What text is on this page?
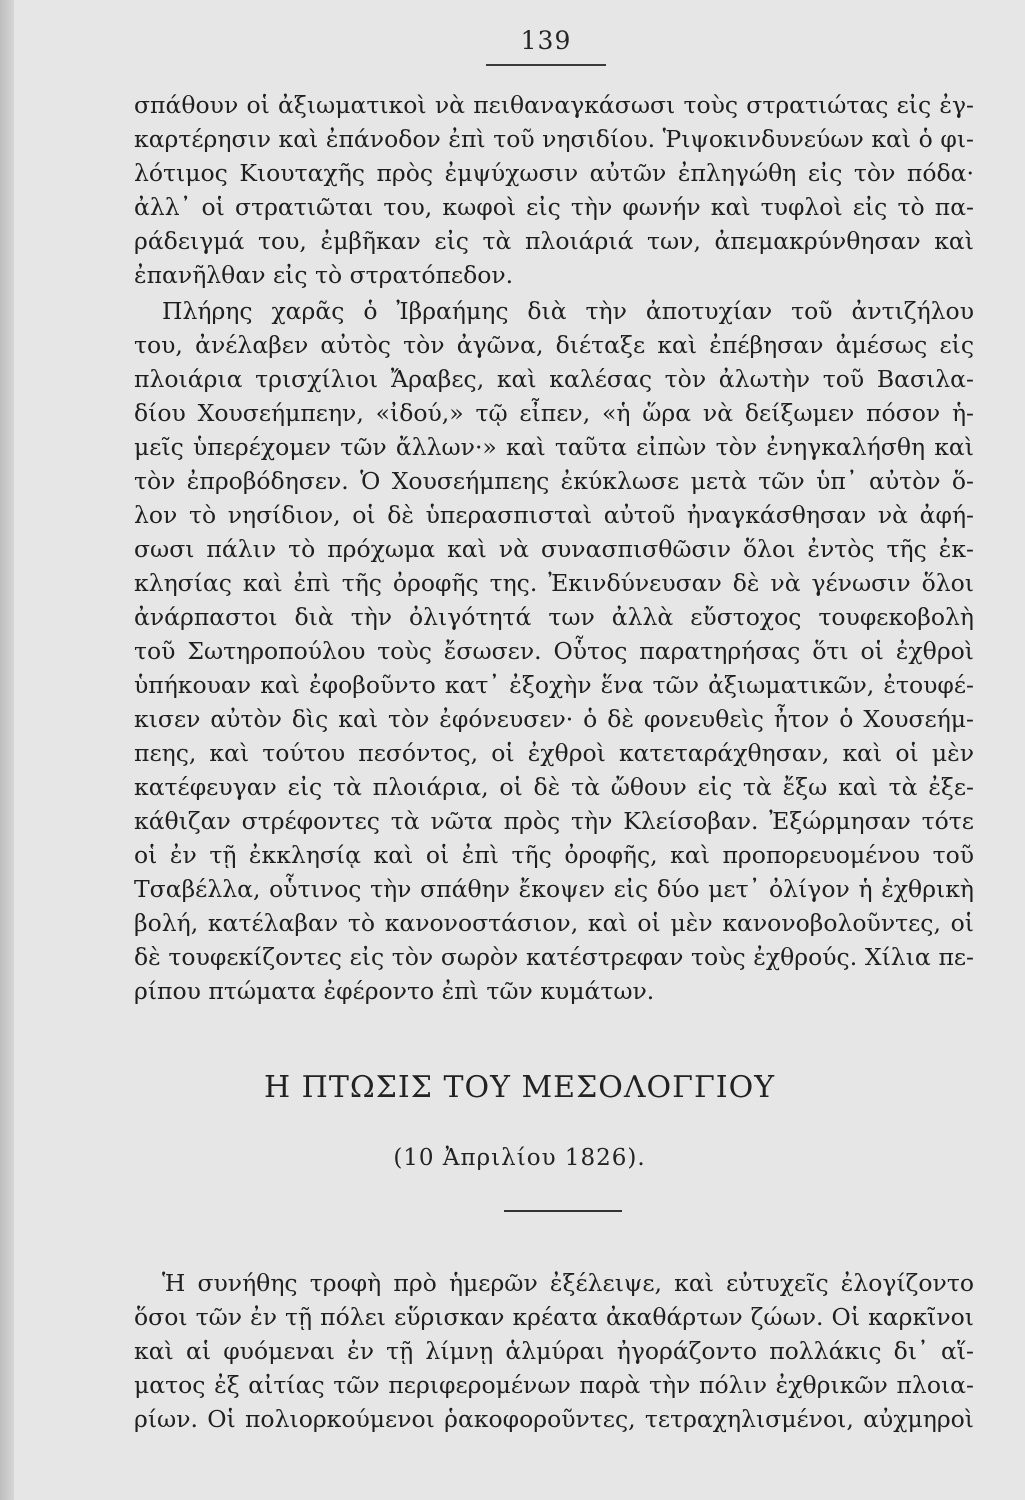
139
σπάθουν οἱ ἀξιωματικοὶ νὰ πειθαναγκάσωσι τοὺς στρατιώτας εἰς ἐγ-
καρτέρησιν καὶ ἐπάνοδον ἐπὶ τοῦ νησιδίου. Ῥιψοκινδυνεύων καὶ ὁ φι-
λότιμος Κιουταχῆς πρὸς ἐμψύχωσιν αὐτῶν ἐπληγώθη εἰς τὸν πόδα·
ἀλλ᾽ οἱ στρατιῶται του, κωφοὶ εἰς τὴν φωνήν καὶ τυφλοὶ εἰς τὸ πα-
ράδειγμά του, ἐμβῆκαν εἰς τὰ πλοιάριά των, ἀπεμακρύνθησαν καὶ
ἐπανῆλθαν εἰς τὸ στρατόπεδον.
Πλήρης χαρᾶς ὁ Ἰβραήμης διὰ τὴν ἀποτυχίαν τοῦ ἀντιζήλου
του, ἀνέλαβεν αὐτὸς τὸν ἀγῶνα, διέταξε καὶ ἐπέβησαν ἀμέσως εἰς
πλοιάρια τρισχίλιοι Ἄραβες, καὶ καλέσας τὸν ἀλωτὴν τοῦ Βασιλα-
δίου Χουσεήμπεην, «ἰδού,» τῷ εἶπεν, «ἡ ὥρα νὰ δείξωμεν πόσον ἡ-
μεῖς ὑπερέχομεν τῶν ἄλλων·» καὶ ταῦτα εἰπὼν τὸν ἐνηγκαλήσθη καὶ
τὸν ἐπροβόδησεν. Ὁ Χουσεήμπεης ἐκύκλωσε μετὰ τῶν ὑπ᾽ αὐτὸν ὅ-
λον τὸ νησίδιον, οἱ δὲ ὑπερασπισταὶ αὐτοῦ ἠναγκάσθησαν νὰ ἀφή-
σωσι πάλιν τὸ πρόχωμα καὶ νὰ συνασπισθῶσιν ὅλοι ἐντὸς τῆς ἐκ-
κλησίας καὶ ἐπὶ τῆς ὀροφῆς της. Ἐκινδύνευσαν δὲ νὰ γένωσιν ὅλοι
ἀνάρπαστοι διὰ τὴν ὀλιγότητά των ἀλλὰ εὔστοχος τουφεκοβολὴ
τοῦ Σωτηροπούλου τοὺς ἔσωσεν. Οὗτος παρατηρήσας ὅτι οἱ ἐχθροὶ
ὑπήκουαν καὶ ἐφοβοῦντο κατ᾽ ἐξοχὴν ἕνα τῶν ἀξιωματικῶν, ἐτουφέ-
κισεν αὐτὸν δὶς καὶ τὸν ἐφόνευσεν· ὁ δὲ φονευθεὶς ἦτον ὁ Χουσεήμ-
πεης, καὶ τούτου πεσόντος, οἱ ἐχθροὶ κατεταράχθησαν, καὶ οἱ μὲν
κατέφευγαν εἰς τὰ πλοιάρια, οἱ δὲ τὰ ὤθουν εἰς τὰ ἔξω καὶ τὰ ἐξε-
κάθιζαν στρέφοντες τὰ νῶτα πρὸς τὴν Κλείσοβαν. Ἐξώρμησαν τότε
οἱ ἐν τῇ ἐκκλησίᾳ καὶ οἱ ἐπὶ τῆς ὀροφῆς, καὶ προπορευομένου τοῦ
Τσαβέλλα, οὗτινος τὴν σπάθην ἔκοψεν εἰς δύο μετ᾽ ὀλίγον ἡ ἐχθρικὴ
βολή, κατέλαβαν τὸ κανονοστάσιον, καὶ οἱ μὲν κανονοβολοῦντες, οἱ
δὲ τουφεκίζοντες εἰς τὸν σωρὸν κατέστρεφαν τοὺς ἐχθρούς. Χίλια πε-
ρίπου πτώματα ἐφέροντο ἐπὶ τῶν κυμάτων.
Η ΠΤΩΣΙΣ ΤΟΥ ΜΕΣΟΛΟΓΓΙΟΥ
(10 Ἀπριλίου 1826).
Ἡ συνήθης τροφὴ πρὸ ἡμερῶν ἐξέλειψε, καὶ εὐτυχεῖς ἐλογίζοντο
ὅσοι τῶν ἐν τῇ πόλει εὕρισκαν κρέατα ἀκαθάρτων ζώων. Οἱ καρκῖνοι
καὶ αἱ φυόμεναι ἐν τῇ λίμνῃ ἁλμύραι ἠγοράζοντο πολλάκις δι᾽ αἵ-
ματος ἐξ αἰτίας τῶν περιφερομένων παρὰ τὴν πόλιν ἐχθρικῶν πλοια-
ρίων. Οἱ πολιορκούμενοι ῥακοφοροῦντες, τετραχηλισμένοι, αὐχμηροὶ
